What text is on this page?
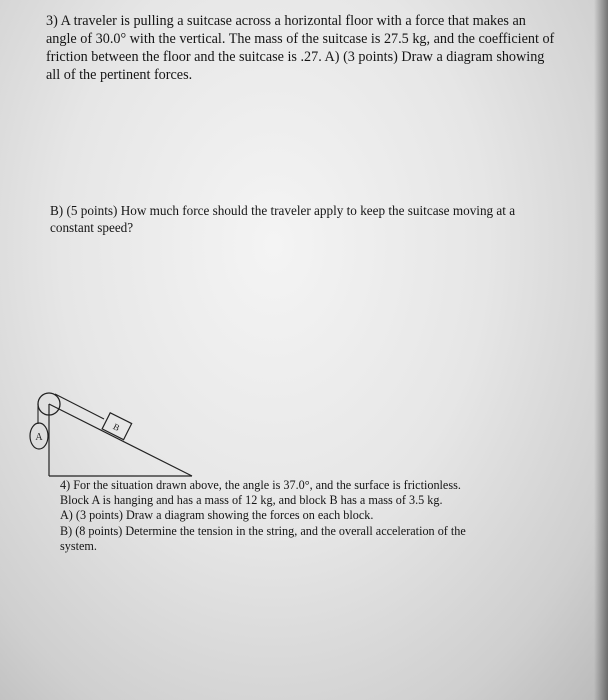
3) A traveler is pulling a suitcase across a horizontal floor with a force that makes an
angle of 30.0° with the vertical. The mass of the suitcase is 27.5 kg, and the coefficient of
friction between the floor and the suitcase is .27. A) (3 points) Draw a diagram showing
all of the pertinent forces.
B) (5 points) How much force should the traveler apply to keep the suitcase moving at a
constant speed?
A
B
4) For the situation drawn above, the angle is 37.0°, and the surface is frictionless.
Block A is hanging and has a mass of 12 kg, and block B has a mass of 3.5 kg.
A) (3 points) Draw a diagram showing the forces on each block.
B) (8 points) Determine the tension in the string, and the overall acceleration of the
system.
